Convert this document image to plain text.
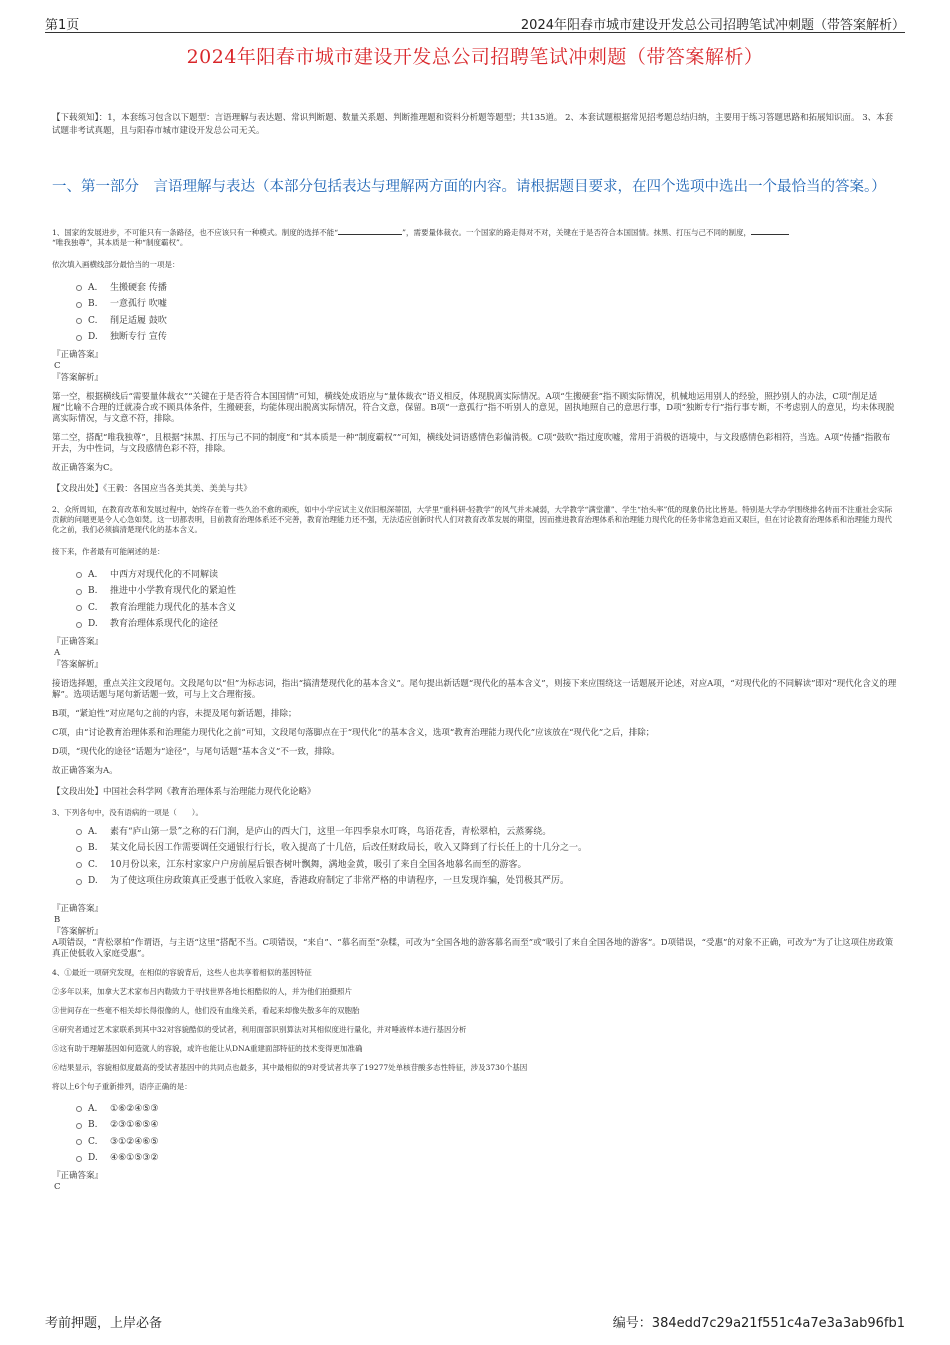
第1页	2024年阳春市城市建设开发总公司招聘笔试冲刺题（带答案解析）
2024年阳春市城市建设开发总公司招聘笔试冲刺题（带答案解析）
【下载须知】：1，本套练习包含以下题型：言语理解与表达题、常识判断题、数量关系题、判断推理题和资料分析题等题型；共135道。 2、本套试题根据常见招考题总结归纳，主要用于练习答题思路和拓展知识面。 3、本套试题非考试真题，且与阳春市城市建设开发总公司无关。
一、第一部分　言语理解与表达（本部分包括表达与理解两方面的内容。请根据题目要求，在四个选项中选出一个最恰当的答案。）

1、国家的发展进步，不可能只有一条路径，也不应该只有一种模式。制度的选择不能“	”，需要量体裁衣。一个国家的路走得对不对，关键在于是否符合本国国情。抹黑、打压与己不同的制度，
“唯我独尊”，其本质是一种“制度霸权”。

依次填入画横线部分最恰当的一项是：

A.	生搬硬套 传播
B.	一意孤行 吹嘘
C.	削足适履 鼓吹
D.	独断专行 宣传

『正确答案』

C

『答案解析』

第一空，根据横线后“需要量体裁衣”“关键在于是否符合本国国情”可知，横线处成语应与“量体裁衣”语义相反，体现脱离实际情况。A项“生搬硬套”指不顾实际情况，机械地运用别人的经验，照抄别人的办法，C项“削足适履”比喻不合理的迁就凑合或不顾具体条件，生搬硬套，均能体现出脱离实际情况，符合文意，保留。B项“一意孤行”指不听别人的意见，固执地照自己的意思行事，D项“独断专行”指行事专断，不考虑别人的意见，均未体现脱离实际情况，与文意不符，排除。

第二空，搭配“唯我独尊”，且根据“抹黑、打压与己不同的制度”和“其本质是一种“制度霸权””可知，横线处词语感情色彩偏消极。C项“鼓吹”指过度吹嘘，常用于消极的语境中，与文段感情色彩相符，当选。A项“传播”指散布开去，为中性词，与文段感情色彩不符，排除。

故正确答案为C。

【文段出处】《王毅：各国应当各美其美、美美与共》

2、众所周知，在教育改革和发展过程中，始终存在着一些久治不愈的顽疾，如中小学应试主义依旧根深蒂固，大学里“重科研-轻教学”的风气并未减弱，大学教学“满堂灌”、学生“抬头率”低的现象仍比比皆是。特别是大学办学围绕排名转而不注重社会实际贡献的问题更是令人心急如焚。这一切都表明，目前教育治理体系还不完善，教育治理能力还不强，无法适应创新时代人们对教育改革发展的期望，因而推进教育治理体系和治理能力现代化的任务非常急迫而又艰巨，但在讨论教育治理体系和治理能力现代化之前，我们必须搞清楚现代化的基本含义。

接下来，作者最有可能阐述的是：

A.	中西方对现代化的不同解读
B.	推进中小学教育现代化的紧迫性
C.	教育治理能力现代化的基本含义
D.	教育治理体系现代化的途径

『正确答案』

A

『答案解析』

接语选择题，重点关注文段尾句。文段尾句以“但”为标志词，指出“搞清楚现代化的基本含义”。尾句提出新话题“现代化的基本含义”，则接下来应围绕这一话题展开论述，对应A项，“对现代化的不同解读”即对“现代化含义的理解”。选项话题与尾句新话题一致，可与上文合理衔接。

B项，“紧迫性”对应尾句之前的内容，未提及尾句新话题，排除；

C项，由“讨论教育治理体系和治理能力现代化之前”可知，文段尾句落脚点在于“现代化”的基本含义，选项“教育治理能力现代化”应该放在“现代化”之后，排除；

D项，“现代化的途径”话题为“途径”，与尾句话题“基本含义”不一致，排除。

故正确答案为A。

【文段出处】中国社会科学网《教育治理体系与治理能力现代化论略》

3、下列各句中，没有语病的一项是（　　）。

A.	素有“庐山第一景”之称的石门涧，是庐山的西大门，这里一年四季泉水叮咚，鸟语花香，青松翠柏，云蒸雾绕。
B.	某文化局长因工作需要调任交通银行行长，收入提高了十几倍，后改任财政局长，收入又降到了行长任上的十几分之一。
C.	10月份以来，江东村家家户户房前屋后银杏树叶飘舞，满地金黄，吸引了来自全国各地慕名而至的游客。
D.	为了使这项住房政策真正受惠于低收入家庭，香港政府制定了非常严格的申请程序，一旦发现诈骗，处罚极其严厉。

『正确答案』

B

『答案解析』

A项错误，“青松翠柏”作谓语，与主语“这里”搭配不当。C项错误，“来自”、“慕名而至”杂糅，可改为“全国各地的游客慕名而至”或“吸引了来自全国各地的游客”。D项错误，“受惠”的对象不正确，可改为“为了让这项住房政策真正使低收入家庭受惠”。

4、①最近一项研究发现，在相似的容貌背后，这些人也共享着相似的基因特征

②多年以来，加拿大艺术家布吕内勒致力于寻找世界各地长相酷似的人，并为他们拍摄照片

③世间存在一些毫不相关却长得很像的人，他们没有血缘关系，看起来却像失散多年的双胞胎

④研究者通过艺术家联系到其中32对容貌酷似的受试者，利用面部识别算法对其相似度进行量化，并对唾液样本进行基因分析

⑤这有助于理解基因如何造就人的容貌，或许也能让从DNA重建面部特征的技术变得更加准确

⑥结果显示，容貌相似度最高的受试者基因中的共同点也最多，其中最相似的9对受试者共享了19277处单核苷酸多态性特征，涉及3730个基因

将以上6个句子重新排列，语序正确的是：

A.	①⑥②④⑤③
B.	②③①⑥⑤④
C.	③①②④⑥⑤
D.	④⑥①⑤③②

『正确答案』

C

考前押题，上岸必备	编号：384edd7c29a21f551c4a7e3a3ab96fb1
